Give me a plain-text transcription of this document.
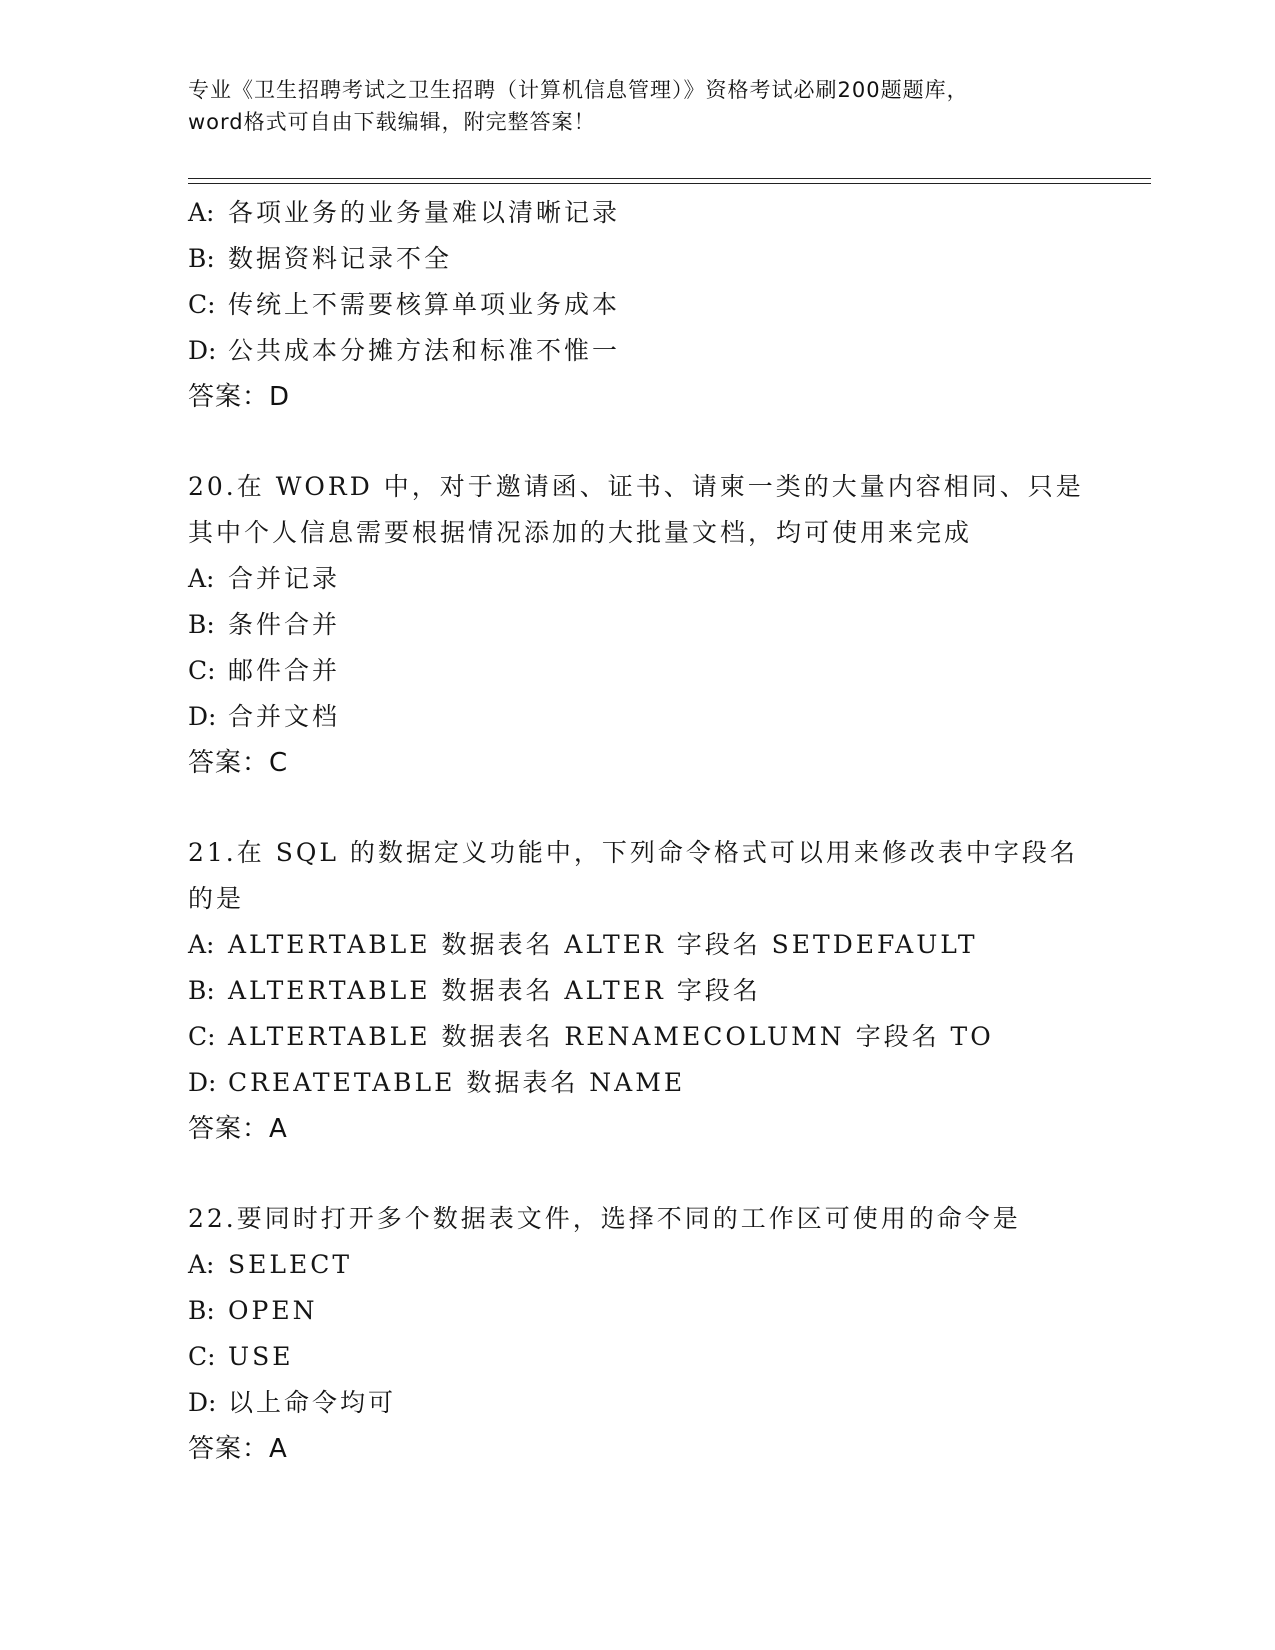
专业《卫生招聘考试之卫生招聘（计算机信息管理）》资格考试必刷200题题库，
word格式可自由下载编辑，附完整答案！
A: 各项业务的业务量难以清晰记录
B: 数据资料记录不全
C: 传统上不需要核算单项业务成本
D: 公共成本分摊方法和标准不惟一
答案：D
20.在 WORD 中，对于邀请函、证书、请柬一类的大量内容相同、只是
其中个人信息需要根据情况添加的大批量文档，均可使用来完成
A: 合并记录
B: 条件合并
C: 邮件合并
D: 合并文档
答案：C
21.在 SQL 的数据定义功能中，下列命令格式可以用来修改表中字段名
的是
A: ALTERTABLE 数据表名 ALTER 字段名 SETDEFAULT
B: ALTERTABLE 数据表名 ALTER 字段名
C: ALTERTABLE 数据表名 RENAMECOLUMN 字段名 TO
D: CREATETABLE 数据表名 NAME
答案：A
22.要同时打开多个数据表文件，选择不同的工作区可使用的命令是
A: SELECT
B: OPEN
C: USE
D: 以上命令均可
答案：A
